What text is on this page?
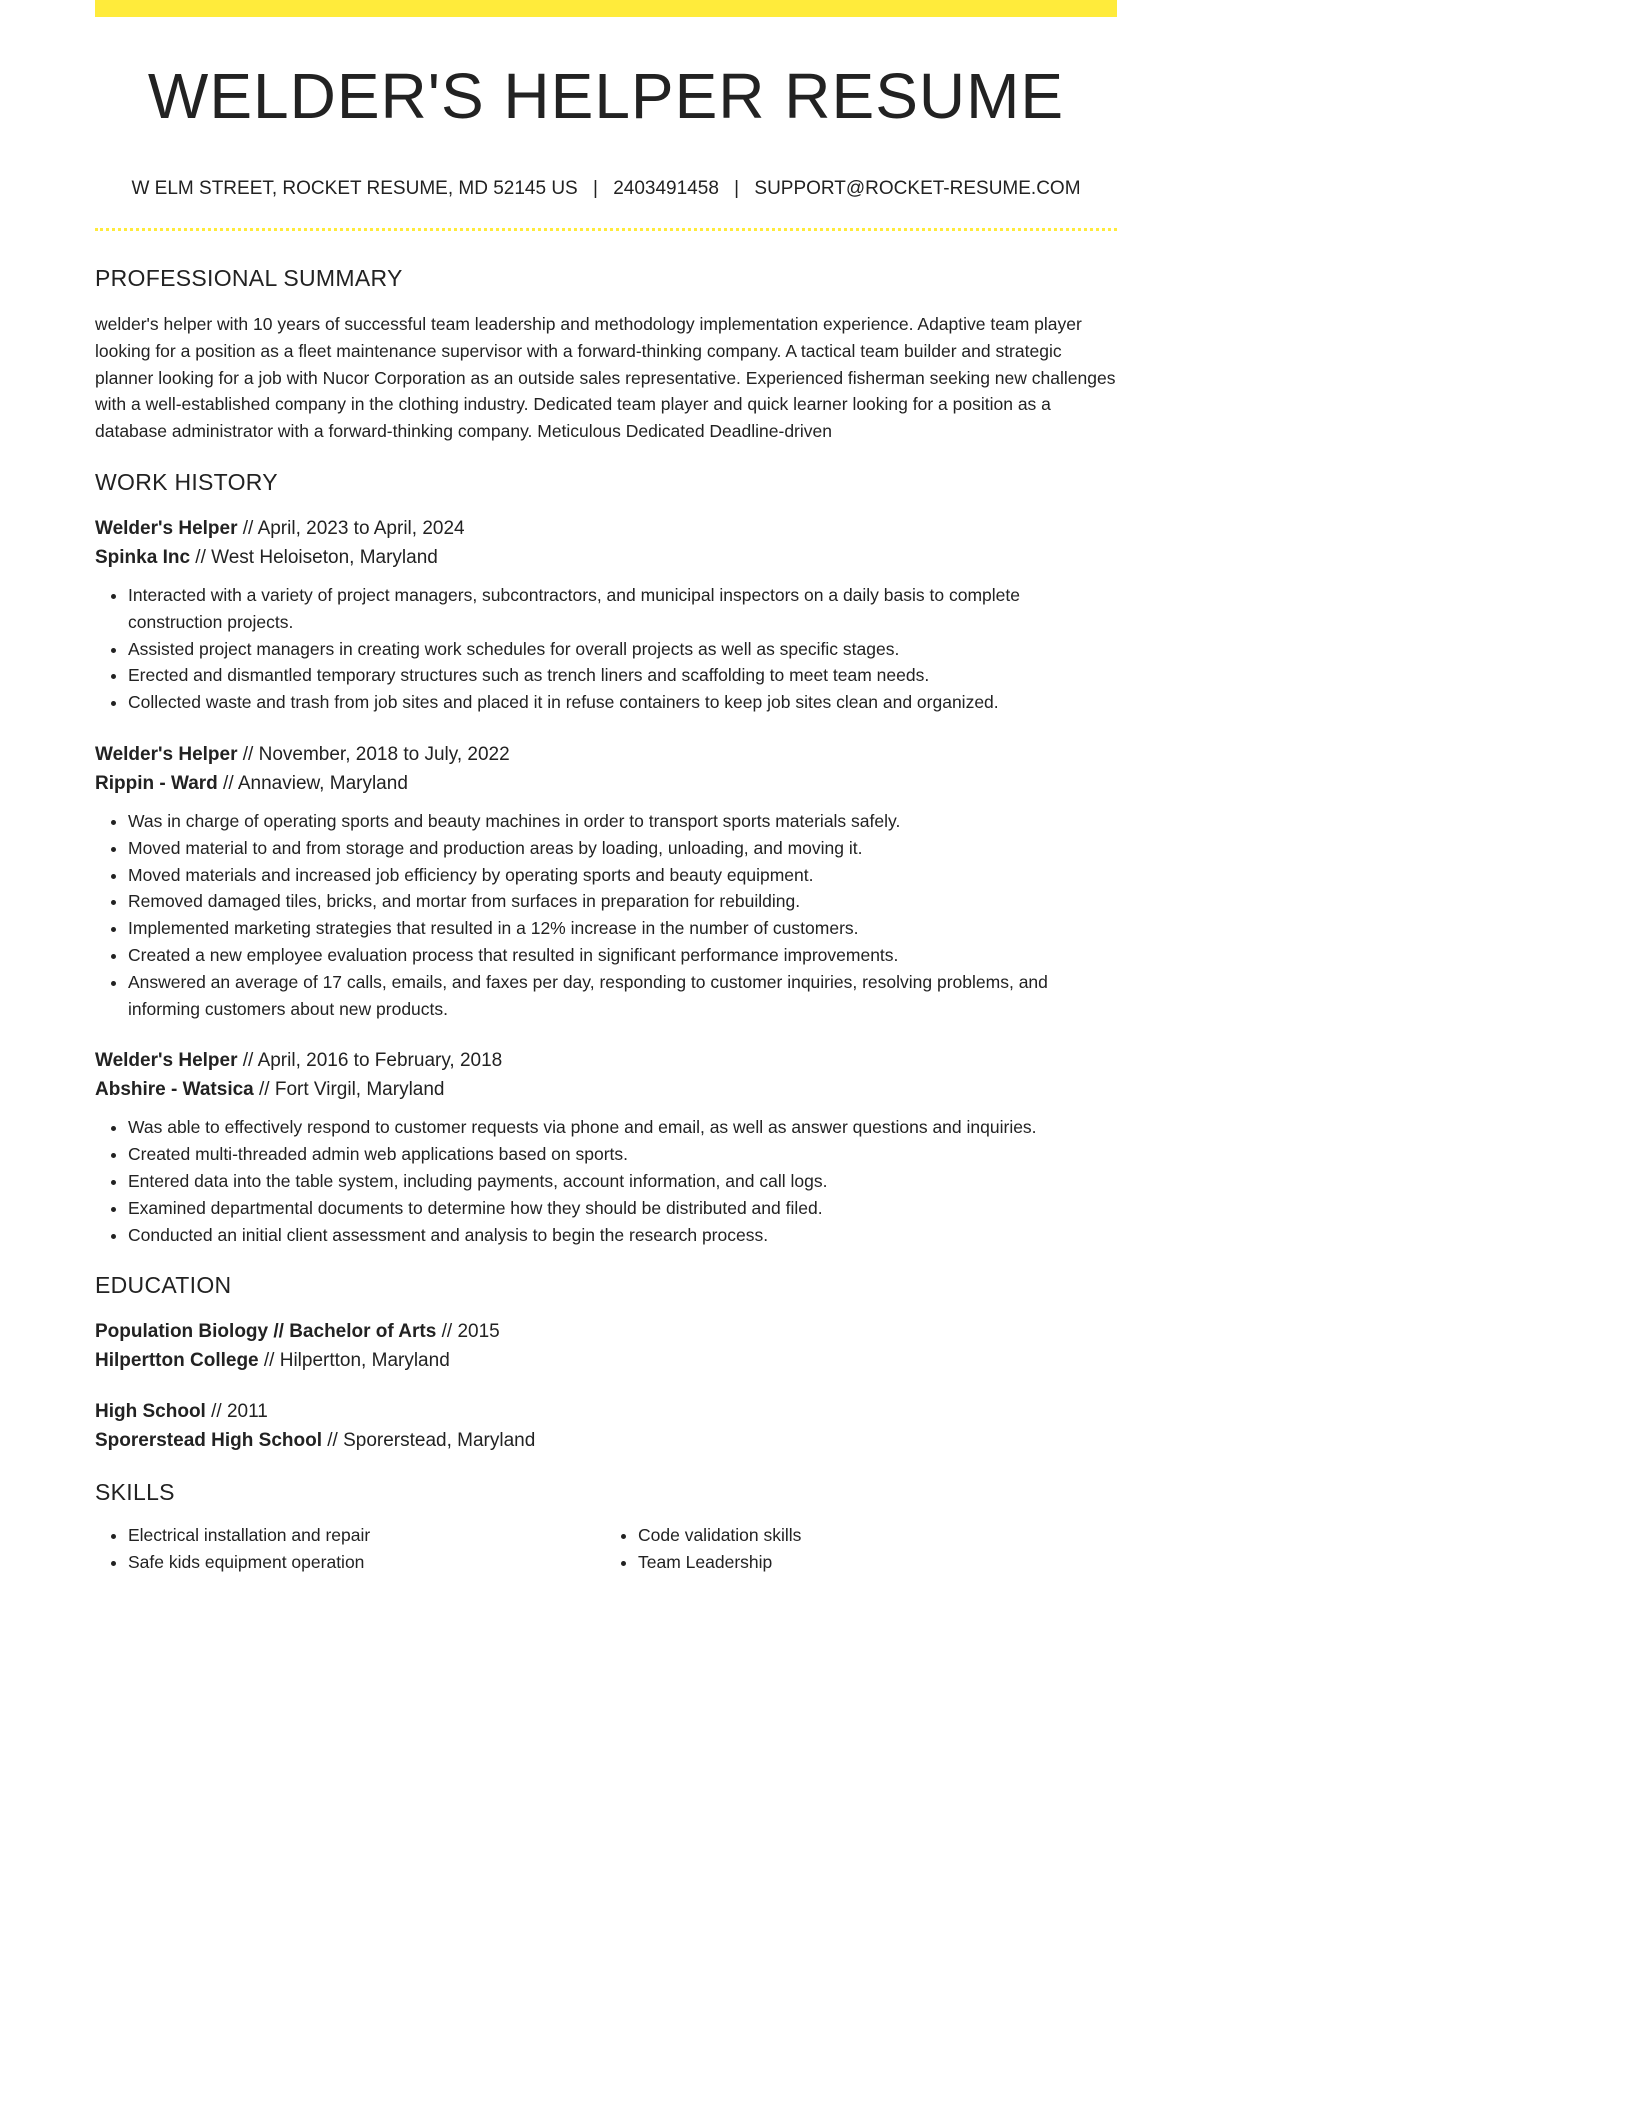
WELDER'S HELPER RESUME
W ELM STREET, ROCKET RESUME, MD 52145 US | 2403491458 | SUPPORT@ROCKET-RESUME.COM
PROFESSIONAL SUMMARY

welder's helper with 10 years of successful team leadership and methodology implementation experience. Adaptive team player looking for a position as a fleet maintenance supervisor with a forward-thinking company. A tactical team builder and strategic planner looking for a job with Nucor Corporation as an outside sales representative. Experienced fisherman seeking new challenges with a well-established company in the clothing industry. Dedicated team player and quick learner looking for a position as a database administrator with a forward-thinking company. Meticulous Dedicated Deadline-driven

WORK HISTORY
Welder's Helper // April, 2023 to April, 2024
Spinka Inc // West Heloiseton, Maryland
• Interacted with a variety of project managers, subcontractors, and municipal inspectors on a daily basis to complete construction projects.
• Assisted project managers in creating work schedules for overall projects as well as specific stages.
• Erected and dismantled temporary structures such as trench liners and scaffolding to meet team needs.
• Collected waste and trash from job sites and placed it in refuse containers to keep job sites clean and organized.
Welder's Helper // November, 2018 to July, 2022
Rippin - Ward // Annaview, Maryland
• Was in charge of operating sports and beauty machines in order to transport sports materials safely.
• Moved material to and from storage and production areas by loading, unloading, and moving it.
• Moved materials and increased job efficiency by operating sports and beauty equipment.
• Removed damaged tiles, bricks, and mortar from surfaces in preparation for rebuilding.
• Implemented marketing strategies that resulted in a 12% increase in the number of customers.
• Created a new employee evaluation process that resulted in significant performance improvements.
• Answered an average of 17 calls, emails, and faxes per day, responding to customer inquiries, resolving problems, and informing customers about new products.
Welder's Helper // April, 2016 to February, 2018
Abshire - Watsica // Fort Virgil, Maryland
• Was able to effectively respond to customer requests via phone and email, as well as answer questions and inquiries.
• Created multi-threaded admin web applications based on sports.
• Entered data into the table system, including payments, account information, and call logs.
• Examined departmental documents to determine how they should be distributed and filed.
• Conducted an initial client assessment and analysis to begin the research process.
EDUCATION
Population Biology // Bachelor of Arts // 2015
Hilpertton College // Hilpertton, Maryland
High School // 2011
Sporerstead High School // Sporerstead, Maryland
SKILLS
• Electrical installation and repair
• Safe kids equipment operation
• Code validation skills
• Team Leadership
